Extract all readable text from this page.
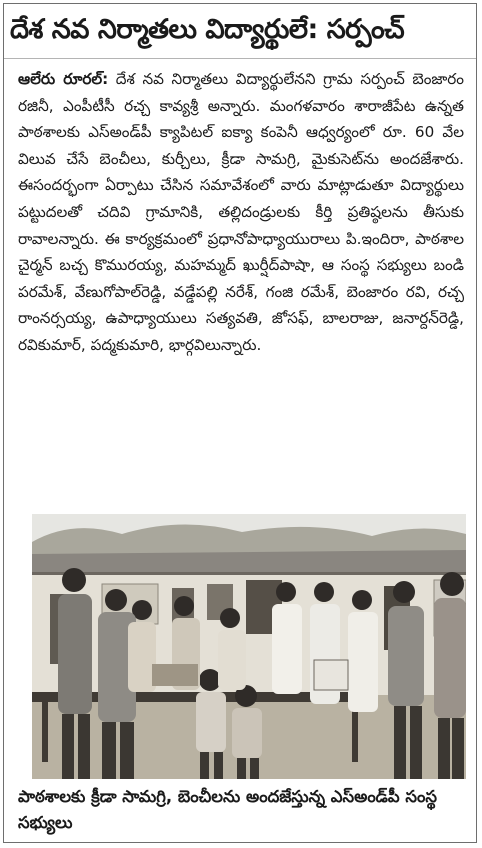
దేశ నవ నిర్మాతలు విద్యార్థులే: సర్పంచ్

ఆలేరు రూరల్: దేశ నవ నిర్మాతలు విద్యార్థులేనని గ్రామ సర్పంచ్ బెంజారం రజినీ, ఎంపీటీసీ రచ్చ కావ్యశ్రీ అన్నారు. మంగళవారం శారాజీపేట ఉన్నత పాఠశాలకు ఎస్అండ్‌పీ క్యాపిటల్ ఐక్యా కంపెనీ ఆధ్వర్యంలో రూ. 60 వేల విలువ చేసే బెంచీలు, కుర్చీలు, క్రీడా సామగ్రి, మైకుసెట్‌ను అందజేశారు. ఈసందర్భంగా ఏర్పాటు చేసిన సమావేశంలో వారు మాట్లాడుతూ విద్యార్థులు పట్టుదలతో చదివి గ్రామానికి, తల్లిదండ్రులకు కీర్తి ప్రతిష్ఠలను తీసుకు రావాలన్నారు. ఈ కార్యక్రమంలో ప్రధానోపాధ్యాయురాలు పి.ఇందిరా, పాఠశాల చైర్మన్ బచ్చ కొమురయ్య, మహమ్మద్ ఖుర్షీద్‌పాషా, ఆ సంస్థ సభ్యులు బండి పరమేశ్, వేణుగోపాల్‌రెడ్డి, వడ్డేపల్లి నరేశ్, గంజి రమేశ్, బెంజారం రవి, రచ్చ రాంనర్సయ్య, ఉపాధ్యాయులు సత్యవతి, జోసఫ్, బాలరాజు, జనార్దన్‌రెడ్డి, రవికుమార్, పద్మకుమారి, భార్గవిలున్నారు.

పాఠశాలకు క్రీడా సామగ్రి, బెంచీలను అందజేస్తున్న ఎస్అండ్‌పీ సంస్థ సభ్యులు
